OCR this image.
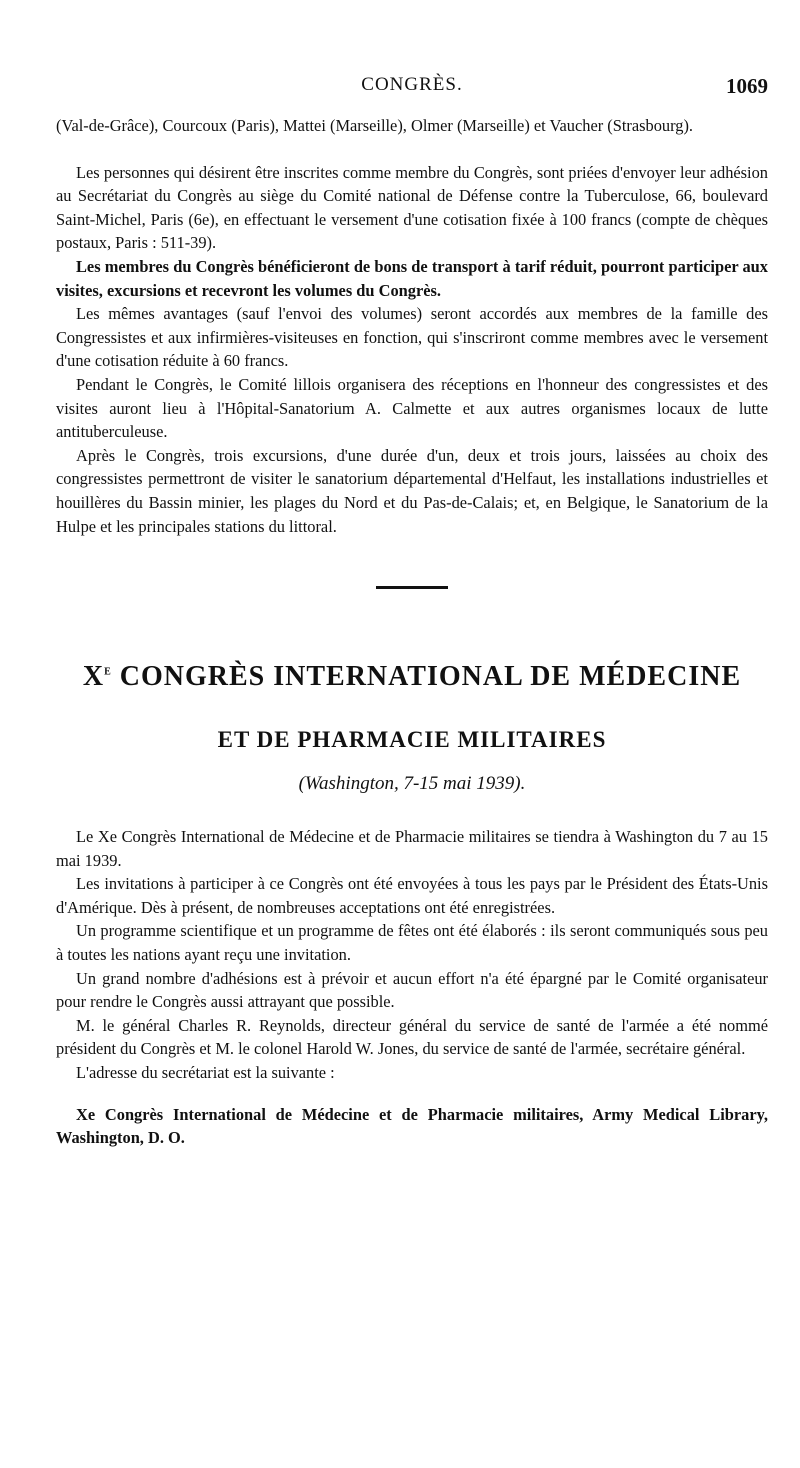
CONGRÈS.	1069

(Val-de-Grâce), Courcoux (Paris), Mattei (Marseille), Olmer (Marseille) et Vaucher (Strasbourg).

Les personnes qui désirent être inscrites comme membre du Congrès, sont priées d'envoyer leur adhésion au Secrétariat du Congrès au siège du Comité national de Défense contre la Tuberculose, 66, boulevard Saint-Michel, Paris (6e), en effectuant le versement d'une cotisation fixée à 100 francs (compte de chèques postaux, Paris : 511-39).

Les membres du Congrès bénéficieront de bons de transport à tarif réduit, pourront participer aux visites, excursions et recevront les volumes du Congrès.

Les mêmes avantages (sauf l'envoi des volumes) seront accordés aux membres de la famille des Congressistes et aux infirmières-visiteuses en fonction, qui s'inscriront comme membres avec le versement d'une cotisation réduite à 60 francs.

Pendant le Congrès, le Comité lillois organisera des réceptions en l'honneur des congressistes et des visites auront lieu à l'Hôpital-Sanatorium A. Calmette et aux autres organismes locaux de lutte antituberculeuse.

Après le Congrès, trois excursions, d'une durée d'un, deux et trois jours, laissées au choix des congressistes permettront de visiter le sanatorium départemental d'Helfaut, les installations industrielles et houillères du Bassin minier, les plages du Nord et du Pas-de-Calais; et, en Belgique, le Sanatorium de la Hulpe et les principales stations du littoral.

$X^E$ CONGRÈS INTERNATIONAL DE MÉDECINE
ET DE PHARMACIE MILITAIRES
(Washington, 7-15 mai 1939).

Le Xe Congrès International de Médecine et de Pharmacie militaires se tiendra à Washington du 7 au 15 mai 1939.

Les invitations à participer à ce Congrès ont été envoyées à tous les pays par le Président des États-Unis d'Amérique. Dès à présent, de nombreuses acceptations ont été enregistrées.

Un programme scientifique et un programme de fêtes ont été élaborés : ils seront communiqués sous peu à toutes les nations ayant reçu une invitation.

Un grand nombre d'adhésions est à prévoir et aucun effort n'a été épargné par le Comité organisateur pour rendre le Congrès aussi attrayant que possible.

M. le général Charles R. Reynolds, directeur général du service de santé de l'armée a été nommé président du Congrès et M. le colonel Harold W. Jones, du service de santé de l'armée, secrétaire général.

L'adresse du secrétariat est la suivante :

Xe Congrès International de Médecine et de Pharmacie militaires, Army Medical Library, Washington, D. O.
